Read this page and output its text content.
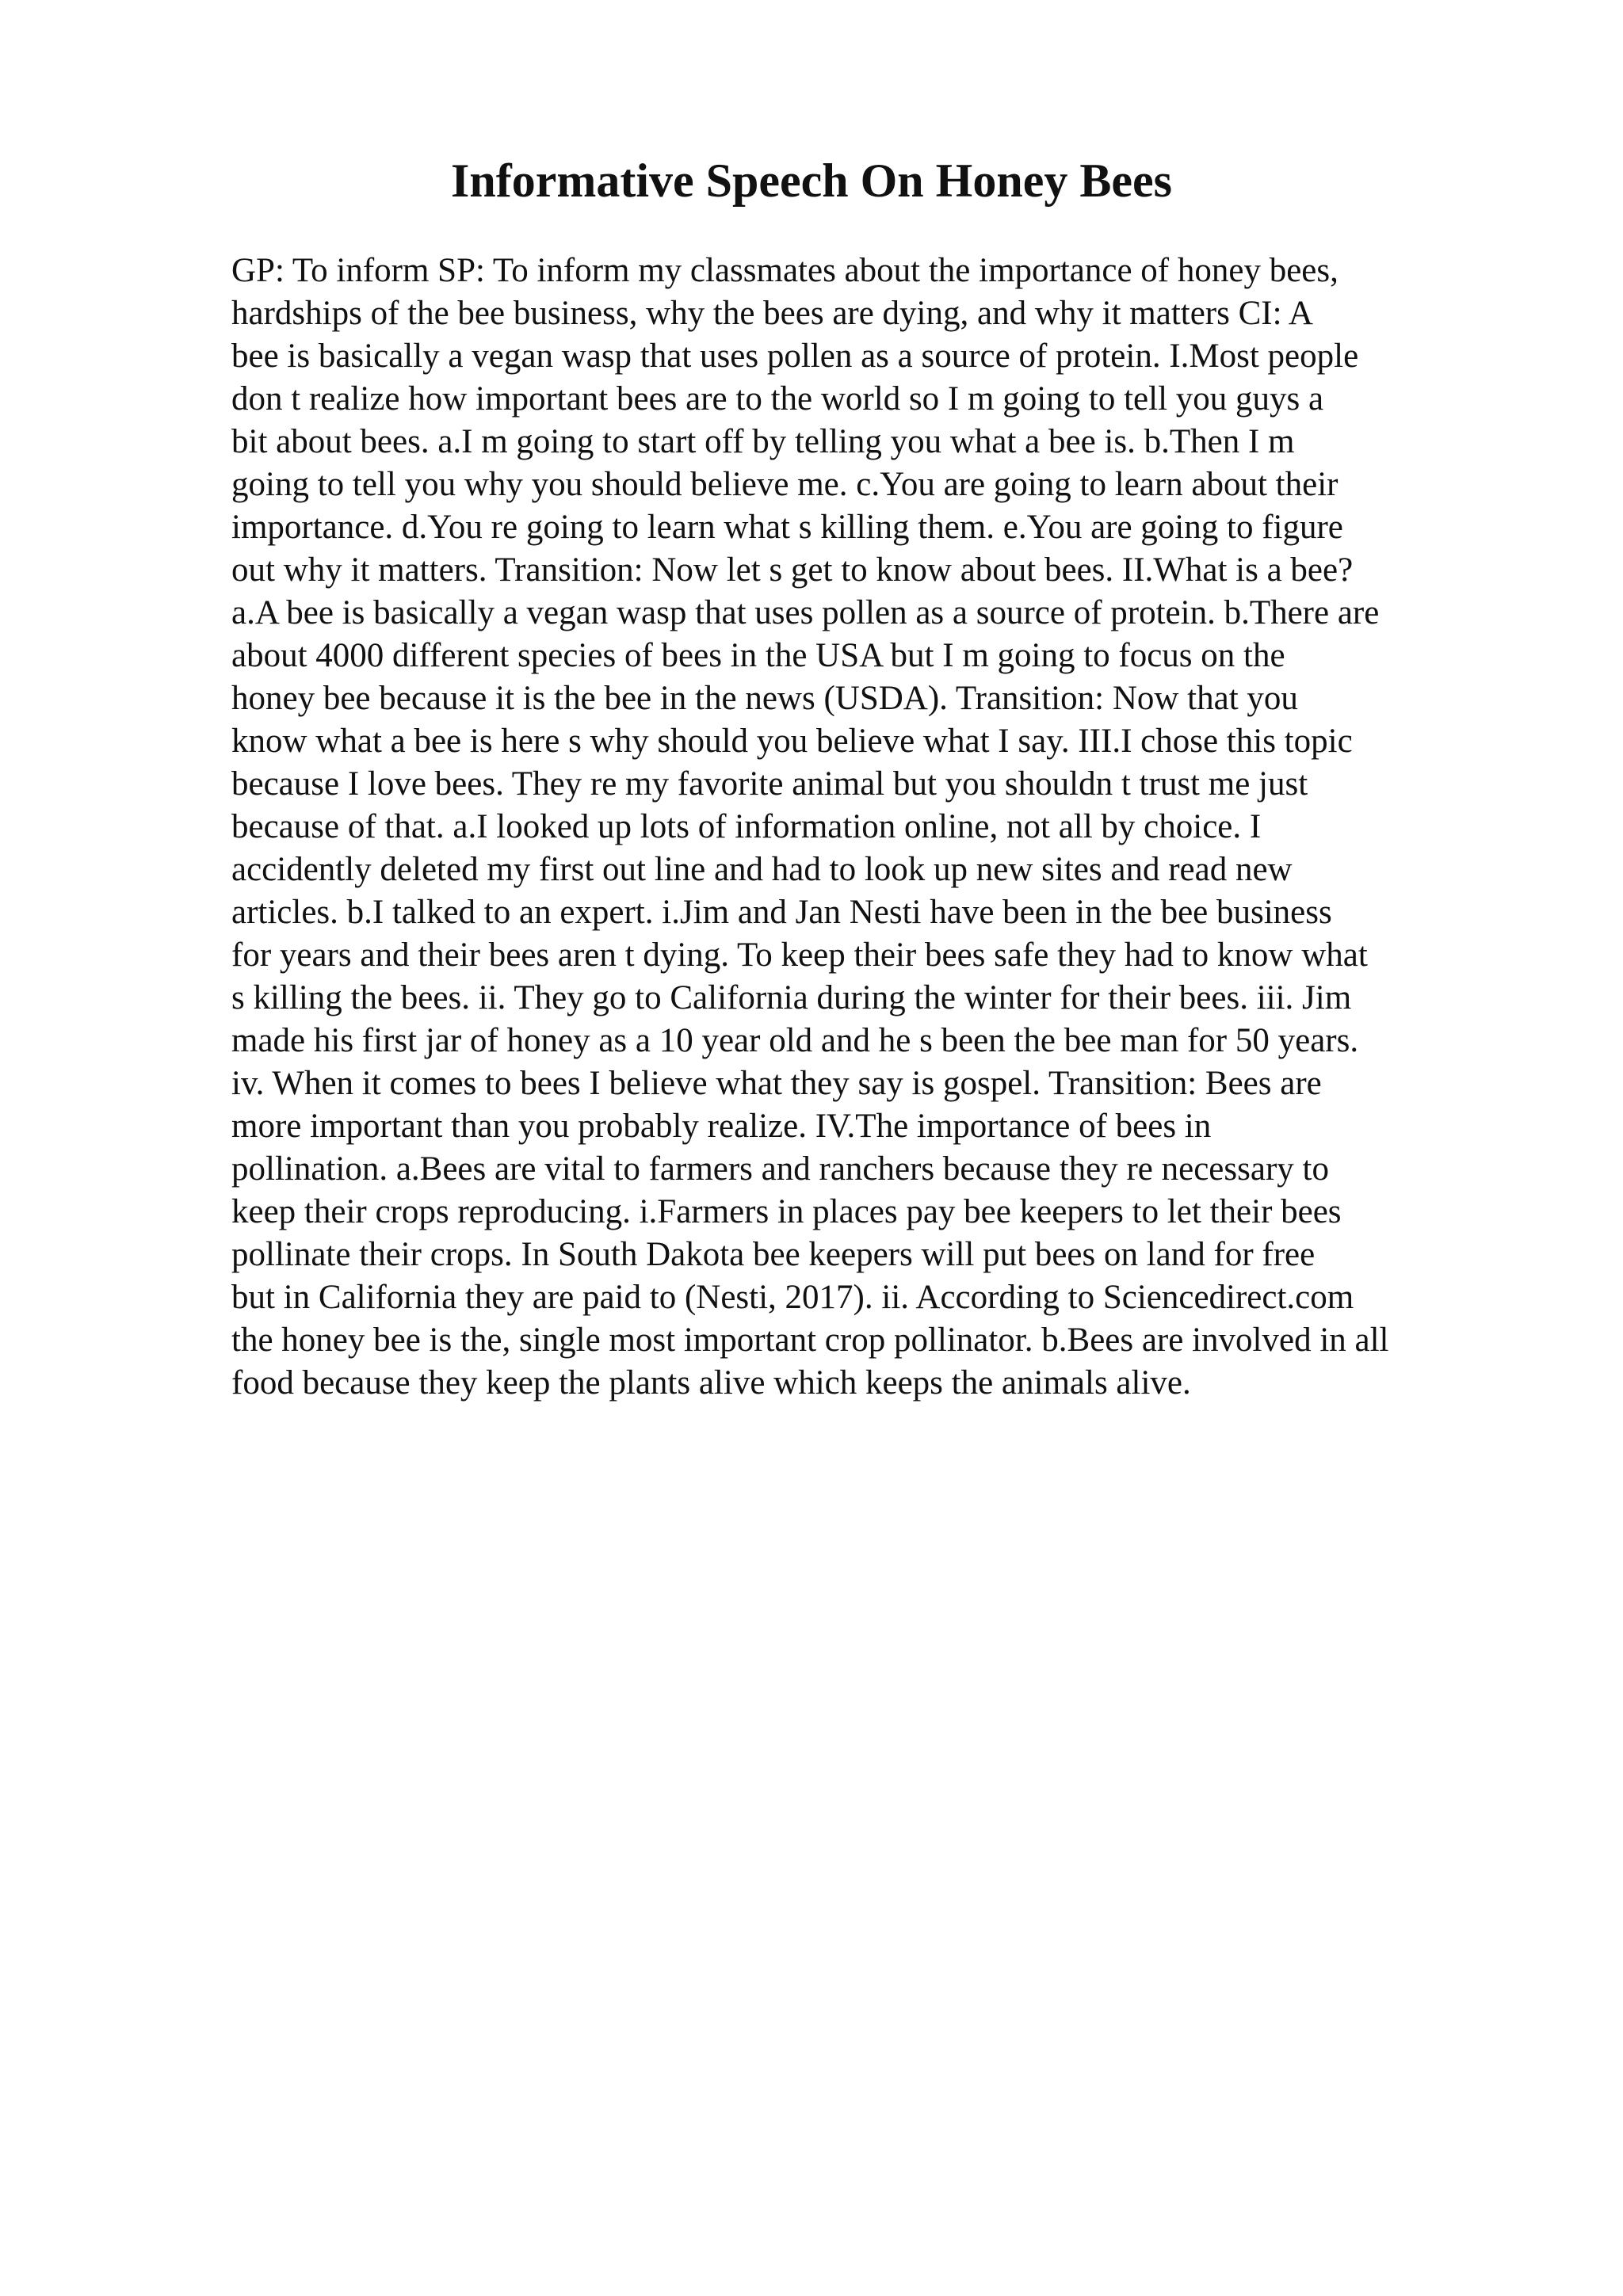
Informative Speech On Honey Bees
GP: To inform SP: To inform my classmates about the importance of honey bees,
hardships of the bee business, why the bees are dying, and why it matters CI: A
bee is basically a vegan wasp that uses pollen as a source of protein. I.Most people
don t realize how important bees are to the world so I m going to tell you guys a
bit about bees. a.I m going to start off by telling you what a bee is. b.Then I m
going to tell you why you should believe me. c.You are going to learn about their
importance. d.You re going to learn what s killing them. e.You are going to figure
out why it matters. Transition: Now let s get to know about bees. II.What is a bee?
a.A bee is basically a vegan wasp that uses pollen as a source of protein. b.There are
about 4000 different species of bees in the USA but I m going to focus on the
honey bee because it is the bee in the news (USDA). Transition: Now that you
know what a bee is here s why should you believe what I say. III.I chose this topic
because I love bees. They re my favorite animal but you shouldn t trust me just
because of that. a.I looked up lots of information online, not all by choice. I
accidently deleted my first out line and had to look up new sites and read new
articles. b.I talked to an expert. i.Jim and Jan Nesti have been in the bee business
for years and their bees aren t dying. To keep their bees safe they had to know what
s killing the bees. ii. They go to California during the winter for their bees. iii. Jim
made his first jar of honey as a 10 year old and he s been the bee man for 50 years.
iv. When it comes to bees I believe what they say is gospel. Transition: Bees are
more important than you probably realize. IV.The importance of bees in
pollination. a.Bees are vital to farmers and ranchers because they re necessary to
keep their crops reproducing. i.Farmers in places pay bee keepers to let their bees
pollinate their crops. In South Dakota bee keepers will put bees on land for free
but in California they are paid to (Nesti, 2017). ii. According to Sciencedirect.com
the honey bee is the, single most important crop pollinator. b.Bees are involved in all
food because they keep the plants alive which keeps the animals alive.
